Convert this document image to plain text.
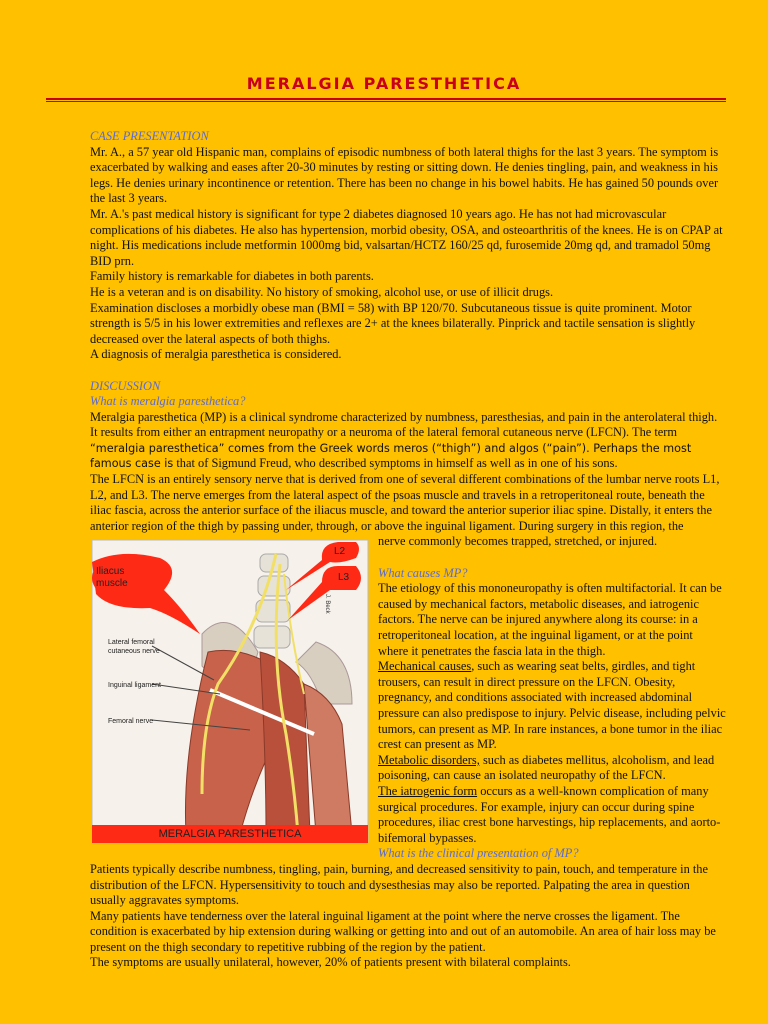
MERALGIA PARESTHETICA

CASE PRESENTATION

Mr. A., a 57 year old Hispanic man, complains of episodic numbness of both lateral thighs for the last 3 years. The symptom is exacerbated by walking and eases after 20-30 minutes by resting or sitting down. He denies tingling, pain, and weakness in his legs. He denies urinary incontinence or retention. There has been no change in his bowel habits. He has gained 50 pounds over the last 3 years.

Mr. A.'s past medical history is significant for type 2 diabetes diagnosed 10 years ago. He has not had microvascular complications of his diabetes. He also has hypertension, morbid obesity, OSA, and osteoarthritis of the knees. He is on CPAP at night. His medications include metformin 1000mg bid, valsartan/HCTZ 160/25 qd, furosemide 20mg qd, and tramadol 50mg BID prn.

Family history is remarkable for diabetes in both parents.

He is a veteran and is on disability. No history of smoking, alcohol use, or use of illicit drugs.

Examination discloses a morbidly obese man (BMI = 58) with BP 120/70. Subcutaneous tissue is quite prominent. Motor strength is 5/5 in his lower extremities and reflexes are 2+ at the knees bilaterally. Pinprick and tactile sensation is slightly decreased over the lateral aspects of both thighs.

A diagnosis of meralgia paresthetica is considered.

DISCUSSION

What is meralgia paresthetica?

Meralgia paresthetica (MP) is a clinical syndrome characterized by numbness, paresthesias, and pain in the anterolateral thigh. It results from either an entrapment neuropathy or a neuroma of the lateral femoral cutaneous nerve (LFCN). The term “meralgia paresthetica” comes from the Greek words meros (“thigh”) and algos (“pain”). Perhaps the most famous case is that of Sigmund Freud, who described symptoms in himself as well as in one of his sons.

The LFCN is an entirely sensory nerve that is derived from one of several different combinations of the lumbar nerve roots L1, L2, and L3. The nerve emerges from the lateral aspect of the psoas muscle and travels in a retroperitoneal route, beneath the iliac fascia, across the anterior surface of the iliacus muscle, and toward the anterior superior iliac spine. Distally, it enters the anterior region of the thigh by passing under, through, or above the inguinal ligament. During surgery in this region, the

Iliacus muscle
L2
L3
Lateral femoral cutaneous nerve
Inguinal ligament
Femoral nerve
J. Beck
MERALGIA PARESTHETICA

nerve commonly becomes trapped, stretched, or injured.

What causes MP?

The etiology of this mononeuropathy is often multifactorial. It can be caused by mechanical factors, metabolic diseases, and iatrogenic factors. The nerve can be injured anywhere along its course: in a retroperitoneal location, at the inguinal ligament, or at the point where it penetrates the fascia lata in the thigh.

Mechanical causes, such as wearing seat belts, girdles, and tight trousers, can result in direct pressure on the LFCN. Obesity, pregnancy, and conditions associated with increased abdominal pressure can also predispose to injury. Pelvic disease, including pelvic tumors, can present as MP. In rare instances, a bone tumor in the iliac crest can present as MP.

Metabolic disorders, such as diabetes mellitus, alcoholism, and lead poisoning, can cause an isolated neuropathy of the LFCN.

The iatrogenic form occurs as a well-known complication of many surgical procedures. For example, injury can occur during spine procedures, iliac crest bone harvestings, hip replacements, and aorto-bifemoral bypasses.

What is the clinical presentation of MP?

Patients typically describe numbness, tingling, pain, burning, and decreased sensitivity to pain, touch, and temperature in the distribution of the LFCN. Hypersensitivity to touch and dysesthesias may also be reported. Palpating the area in question usually aggravates symptoms.

Many patients have tenderness over the lateral inguinal ligament at the point where the nerve crosses the ligament. The condition is exacerbated by hip extension during walking or getting into and out of an automobile. An area of hair loss may be present on the thigh secondary to repetitive rubbing of the region by the patient.

The symptoms are usually unilateral, however, 20% of patients present with bilateral complaints.
